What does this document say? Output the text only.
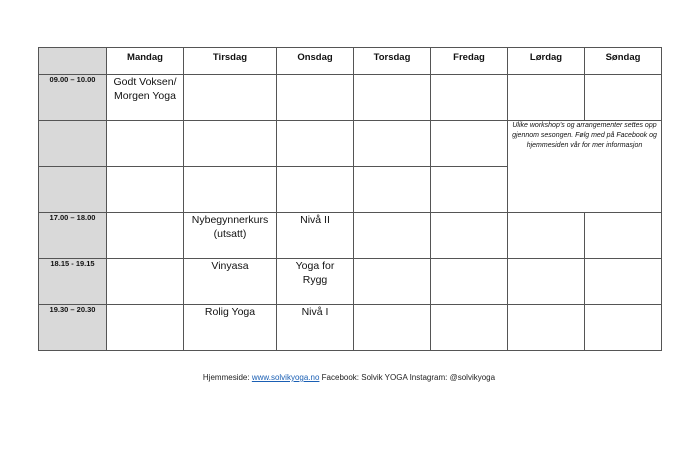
	Mandag	Tirsdag	Onsdag	Torsdag	Fredag	Lørdag	Søndag
09.00 – 10.00	Godt Voksen/ Morgen Yoga						
						Ulike workshop’s og arrangementer settes opp gjennom sesongen. Følg med på Facebook og hjemmesiden vår for mer informasjon	

17.00 – 18.00		Nybegynnerkurs (utsatt)	Nivå II				
18.15 - 19.15		Vinyasa	Yoga for Rygg				
19.30 – 20.30		Rolig Yoga	Nivå I				
Hjemmeside: www.solvikyoga.no Facebook: Solvik YOGA Instagram: @solvikyoga
